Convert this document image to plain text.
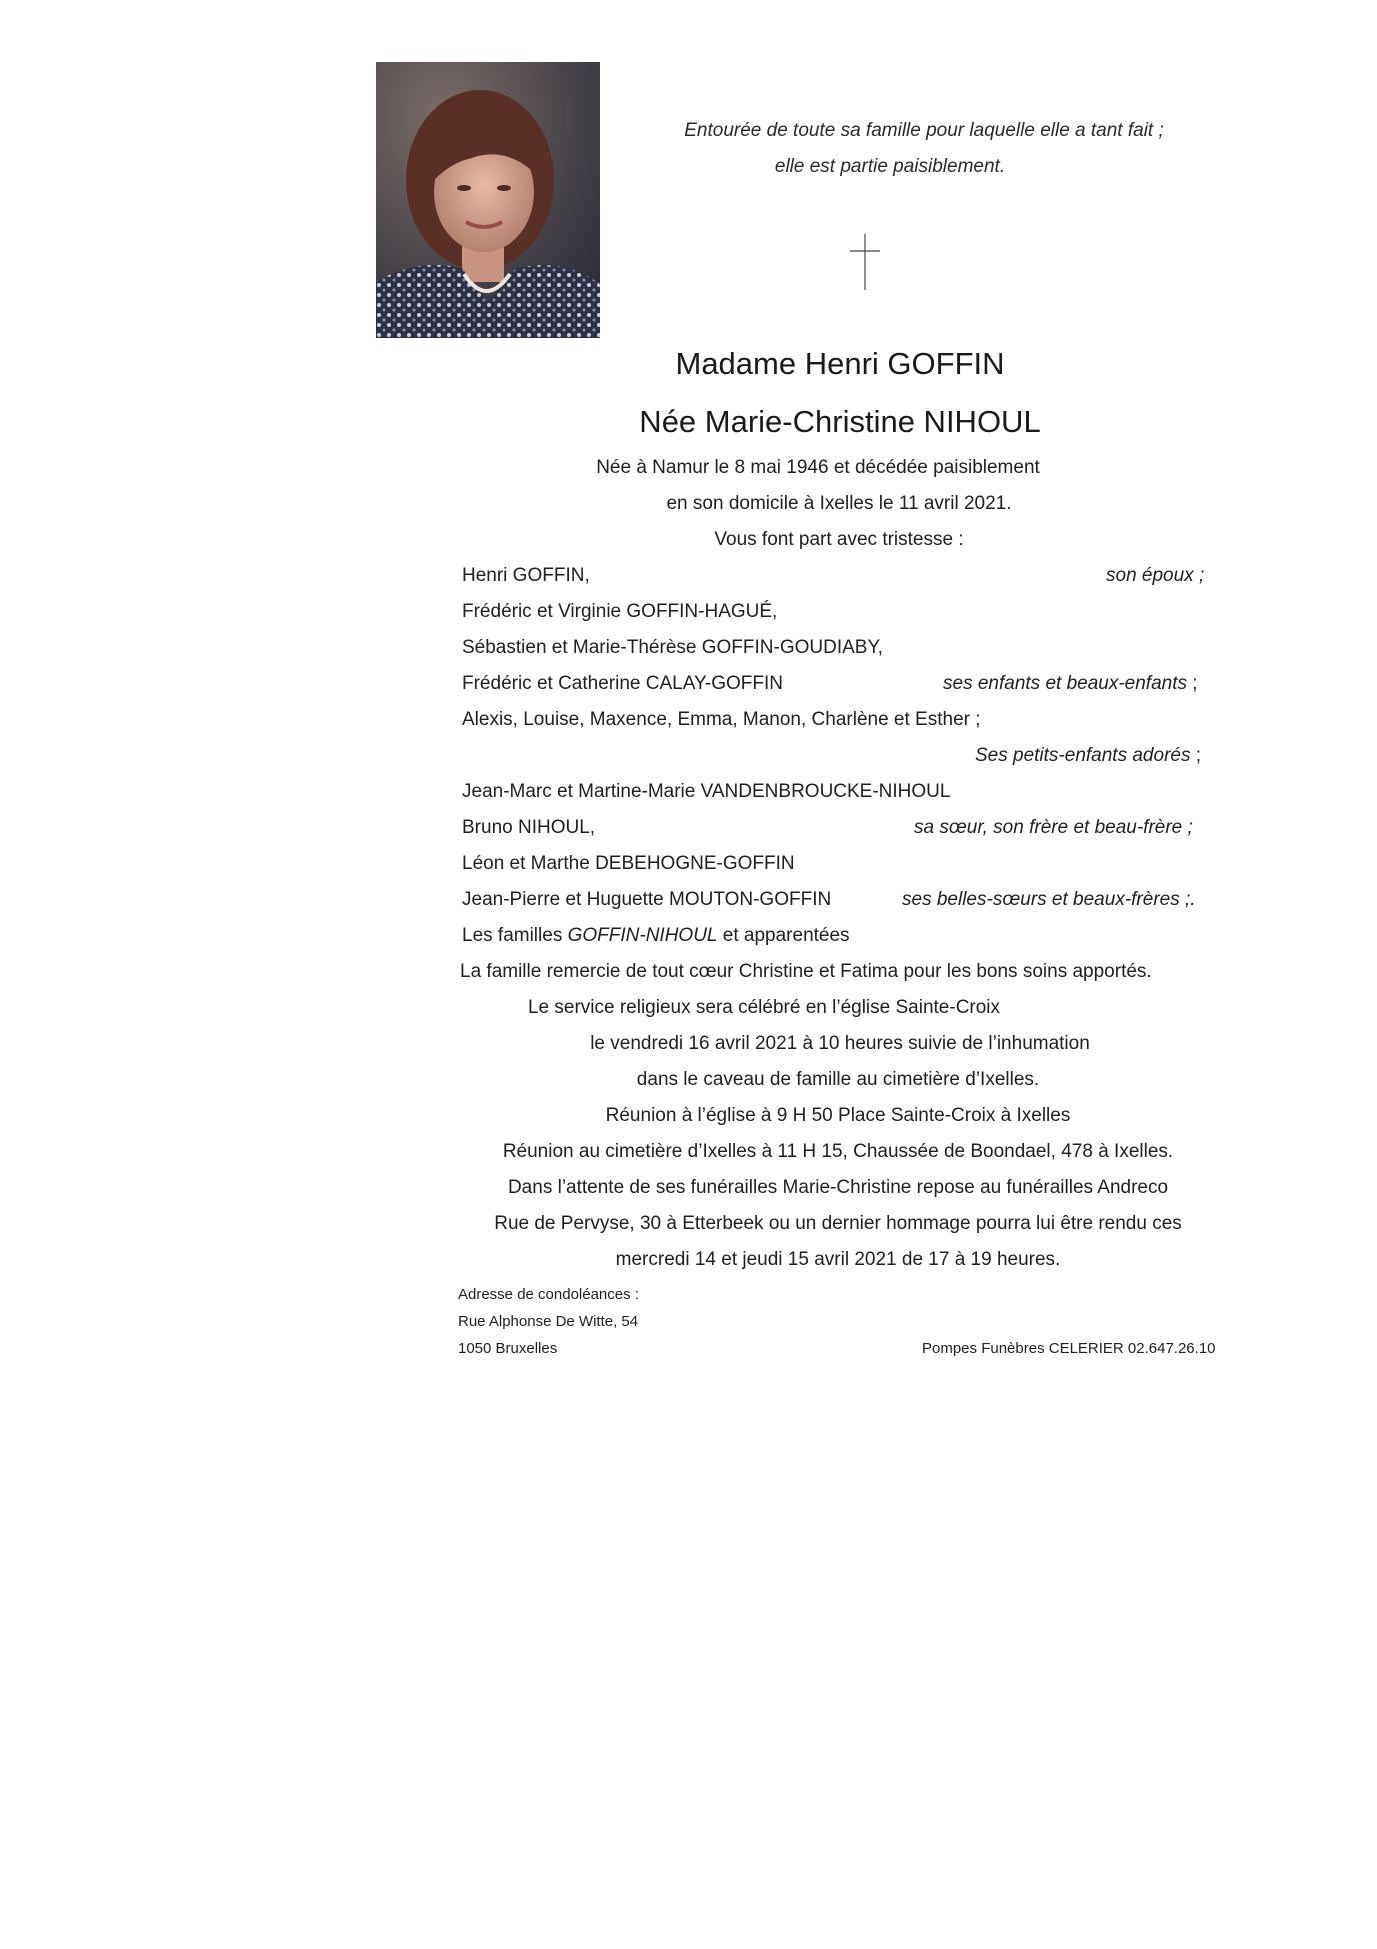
Entourée de toute sa famille pour laquelle elle a tant fait ;
elle est partie paisiblement.
Madame Henri GOFFIN
Née Marie-Christine NIHOUL
Née à Namur le 8 mai 1946 et décédée paisiblement
en son domicile à Ixelles le 11 avril 2021.
Vous font part avec tristesse :
Henri GOFFIN,	son époux ;
Frédéric et Virginie GOFFIN-HAGUÉ,
Sébastien et Marie-Thérèse GOFFIN-GOUDIABY,
Frédéric et Catherine CALAY-GOFFIN	ses enfants et beaux-enfants ;
Alexis, Louise, Maxence, Emma, Manon, Charlène et Esther ;
Ses petits-enfants adorés ;
Jean-Marc et Martine-Marie VANDENBROUCKE-NIHOUL
Bruno NIHOUL,	sa sœur, son frère et beau-frère ;
Léon et Marthe DEBEHOGNE-GOFFIN
Jean-Pierre et Huguette MOUTON-GOFFIN	ses belles-sœurs et beaux-frères ;.
Les familles GOFFIN-NIHOUL et apparentées
La famille remercie de tout cœur Christine et Fatima pour les bons soins apportés.
Le service religieux sera célébré en l’église Sainte-Croix
le vendredi 16 avril 2021 à 10 heures suivie de l’inhumation
dans le caveau de famille au cimetière d’Ixelles.
Réunion à l’église à 9 H 50 Place Sainte-Croix à Ixelles
Réunion au cimetière d’Ixelles à 11 H 15, Chaussée de Boondael, 478 à Ixelles.
Dans l’attente de ses funérailles Marie-Christine repose au funérailles Andreco
Rue de Pervyse, 30 à Etterbeek ou un dernier hommage pourra lui être rendu ces
mercredi 14 et jeudi 15 avril 2021 de 17 à 19 heures.
Adresse de condoléances :
Rue Alphonse De Witte, 54
1050 Bruxelles	Pompes Funèbres CELERIER 02.647.26.10
